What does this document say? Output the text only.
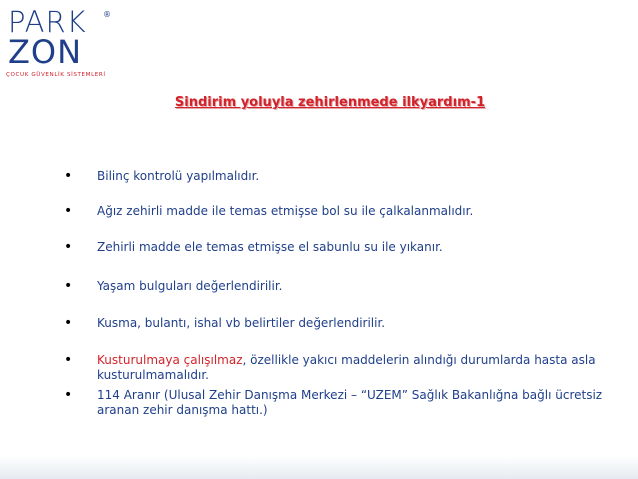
PARK ®
ZON
ÇOCUK GÜVENLİK SİSTEMLERİ
Sindirim yoluyla zehirlenmede ilkyardım-1
• Bilinç kontrolü yapılmalıdır.
• Ağız zehirli madde ile temas etmişse bol su ile çalkalanmalıdır.
• Zehirli madde ele temas etmişse el sabunlu su ile yıkanır.
• Yaşam bulguları değerlendirilir.
• Kusma, bulantı, ishal vb belirtiler değerlendirilir.
• Kusturulmaya çalışılmaz, özellikle yakıcı maddelerin alındığı durumlarda hasta asla kusturulmamalıdır.
• 114 Aranır (Ulusal Zehir Danışma Merkezi – “UZEM” Sağlık Bakanlığna bağlı ücretsiz aranan zehir danışma hattı.)
